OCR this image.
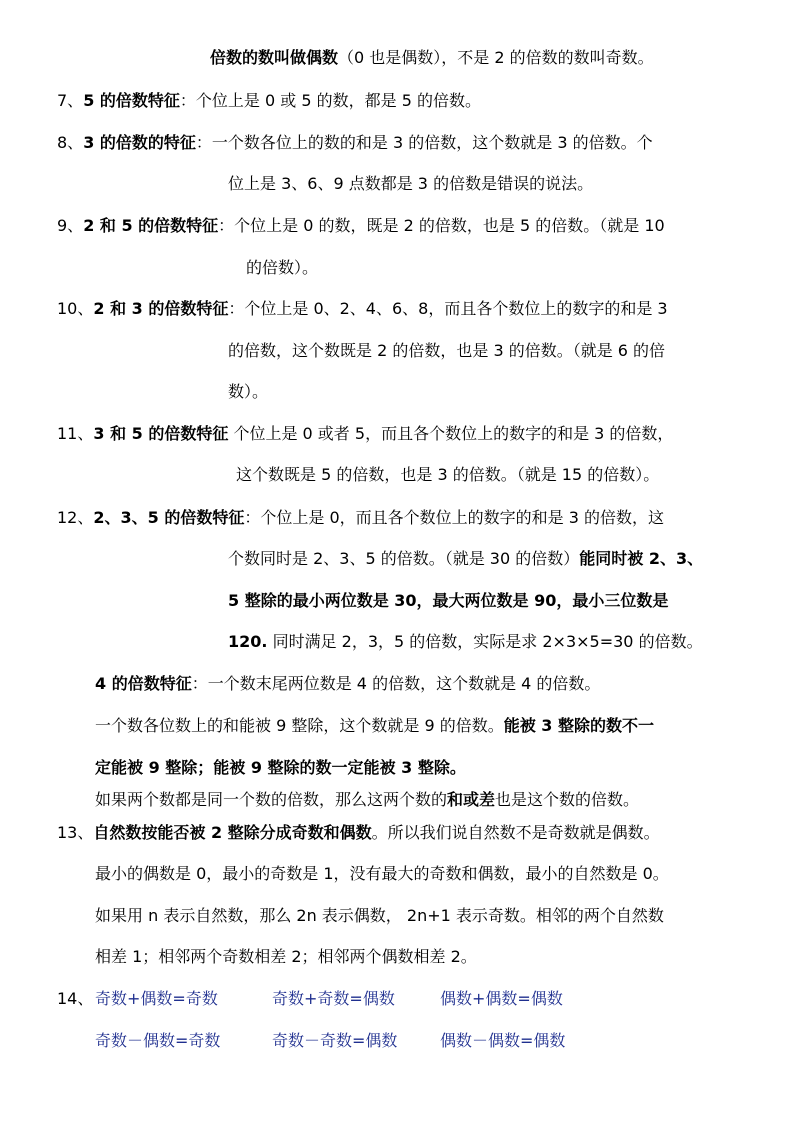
倍数的数叫做偶数（0 也是偶数），不是 2 的倍数的数叫奇数。
7、5 的倍数特征：个位上是 0 或 5 的数，都是 5 的倍数。
8、3 的倍数的特征：一个数各位上的数的和是 3 的倍数，这个数就是 3 的倍数。个
位上是 3、6、9 点数都是 3 的倍数是错误的说法。
9、2 和 5 的倍数特征：个位上是 0 的数，既是 2 的倍数，也是 5 的倍数。（就是 10
的倍数）。
10、2 和 3 的倍数特征：个位上是 0、2、4、6、8，而且各个数位上的数字的和是 3
的倍数，这个数既是 2 的倍数，也是 3 的倍数。（就是 6 的倍
数）。
11、3 和 5 的倍数特征 个位上是 0 或者 5，而且各个数位上的数字的和是 3 的倍数，
这个数既是 5 的倍数，也是 3 的倍数。（就是 15 的倍数）。
12、2、3、5 的倍数特征：个位上是 0，而且各个数位上的数字的和是 3 的倍数，这
个数同时是 2、3、5 的倍数。（就是 30 的倍数）能同时被 2、3、
5 整除的最小两位数是 30，最大两位数是 90，最小三位数是
120. 同时满足 2，3，5 的倍数，实际是求 2×3×5=30 的倍数。
4 的倍数特征：一个数末尾两位数是 4 的倍数，这个数就是 4 的倍数。
一个数各位数上的和能被 9 整除，这个数就是 9 的倍数。能被 3 整除的数不一
定能被 9 整除；能被 9 整除的数一定能被 3 整除。
如果两个数都是同一个数的倍数，那么这两个数的和或差也是这个数的倍数。
13、自然数按能否被 2 整除分成奇数和偶数。所以我们说自然数不是奇数就是偶数。
最小的偶数是 0，最小的奇数是 1，没有最大的奇数和偶数，最小的自然数是 0。
如果用 n 表示自然数，那么 2n 表示偶数， 2n+1 表示奇数。相邻的两个自然数
相差 1；相邻两个奇数相差 2；相邻两个偶数相差 2。
14、 奇数+偶数=奇数	奇数+奇数=偶数	偶数+偶数=偶数
奇数－偶数=奇数	奇数－奇数=偶数	偶数－偶数=偶数
